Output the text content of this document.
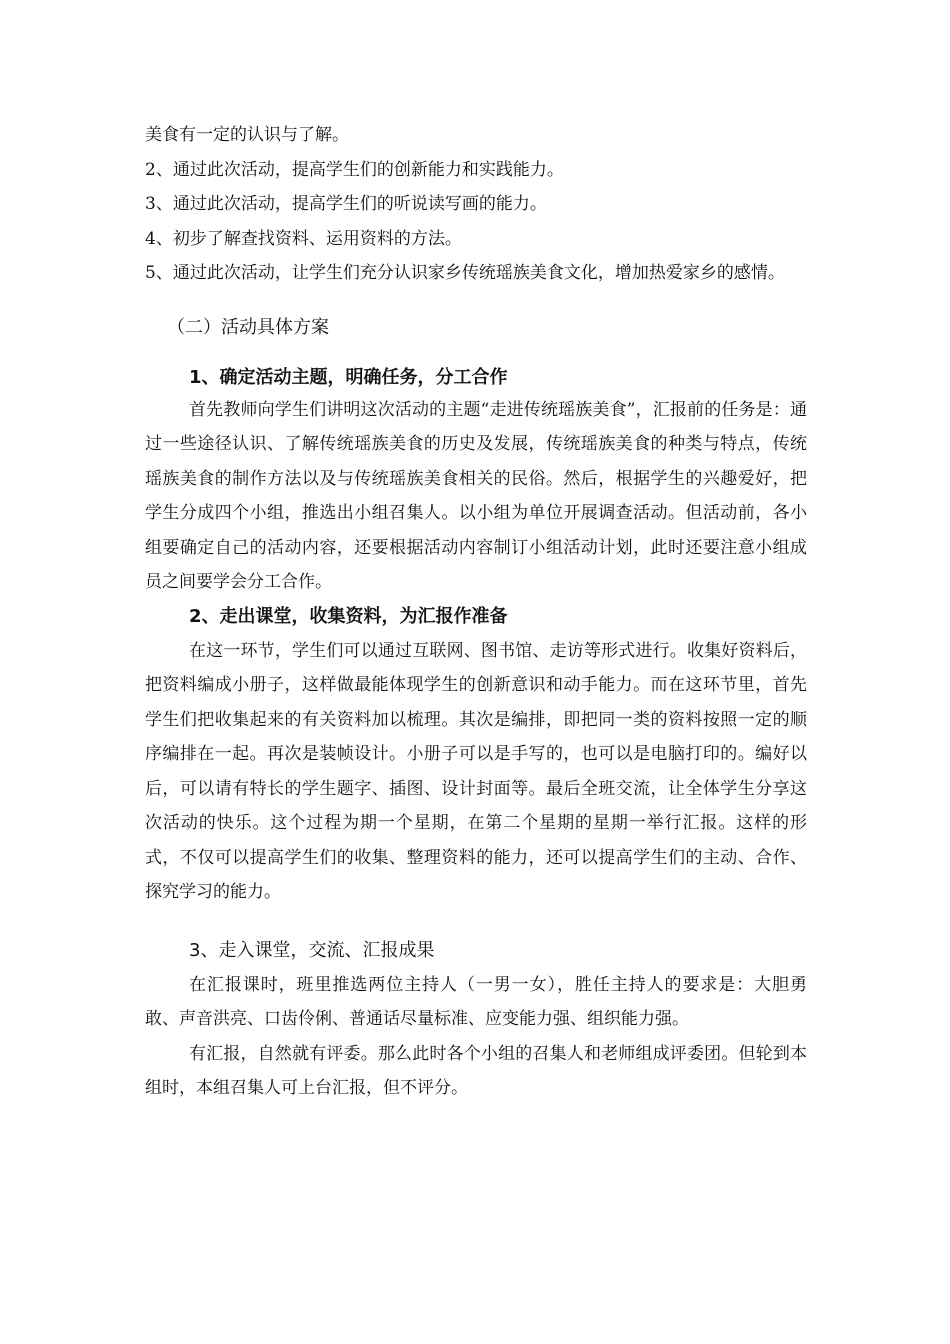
美食有一定的认识与了解。

2、通过此次活动，提高学生们的创新能力和实践能力。

3、通过此次活动，提高学生们的听说读写画的能力。

4、初步了解查找资料、运用资料的方法。

5、通过此次活动，让学生们充分认识家乡传统瑶族美食文化，增加热爱家乡的感情。

（二）活动具体方案

1、确定活动主题，明确任务，分工合作

首先教师向学生们讲明这次活动的主题“走进传统瑶族美食”，汇报前的任务是：通过一些途径认识、了解传统瑶族美食的历史及发展，传统瑶族美食的种类与特点，传统瑶族美食的制作方法以及与传统瑶族美食相关的民俗。然后，根据学生的兴趣爱好，把学生分成四个小组，推选出小组召集人。以小组为单位开展调查活动。但活动前，各小组要确定自己的活动内容，还要根据活动内容制订小组活动计划，此时还要注意小组成员之间要学会分工合作。

2、走出课堂，收集资料，为汇报作准备

在这一环节，学生们可以通过互联网、图书馆、走访等形式进行。收集好资料后，把资料编成小册子，这样做最能体现学生的创新意识和动手能力。而在这环节里，首先学生们把收集起来的有关资料加以梳理。其次是编排，即把同一类的资料按照一定的顺序编排在一起。再次是装帧设计。小册子可以是手写的，也可以是电脑打印的。编好以后，可以请有特长的学生题字、插图、设计封面等。最后全班交流，让全体学生分享这次活动的快乐。这个过程为期一个星期，在第二个星期的星期一举行汇报。这样的形式，不仅可以提高学生们的收集、整理资料的能力，还可以提高学生们的主动、合作、探究学习的能力。

3、走入课堂，交流、汇报成果

在汇报课时，班里推选两位主持人（一男一女），胜任主持人的要求是：大胆勇敢、声音洪亮、口齿伶俐、普通话尽量标准、应变能力强、组织能力强。

有汇报，自然就有评委。那么此时各个小组的召集人和老师组成评委团。但轮到本组时，本组召集人可上台汇报，但不评分。
